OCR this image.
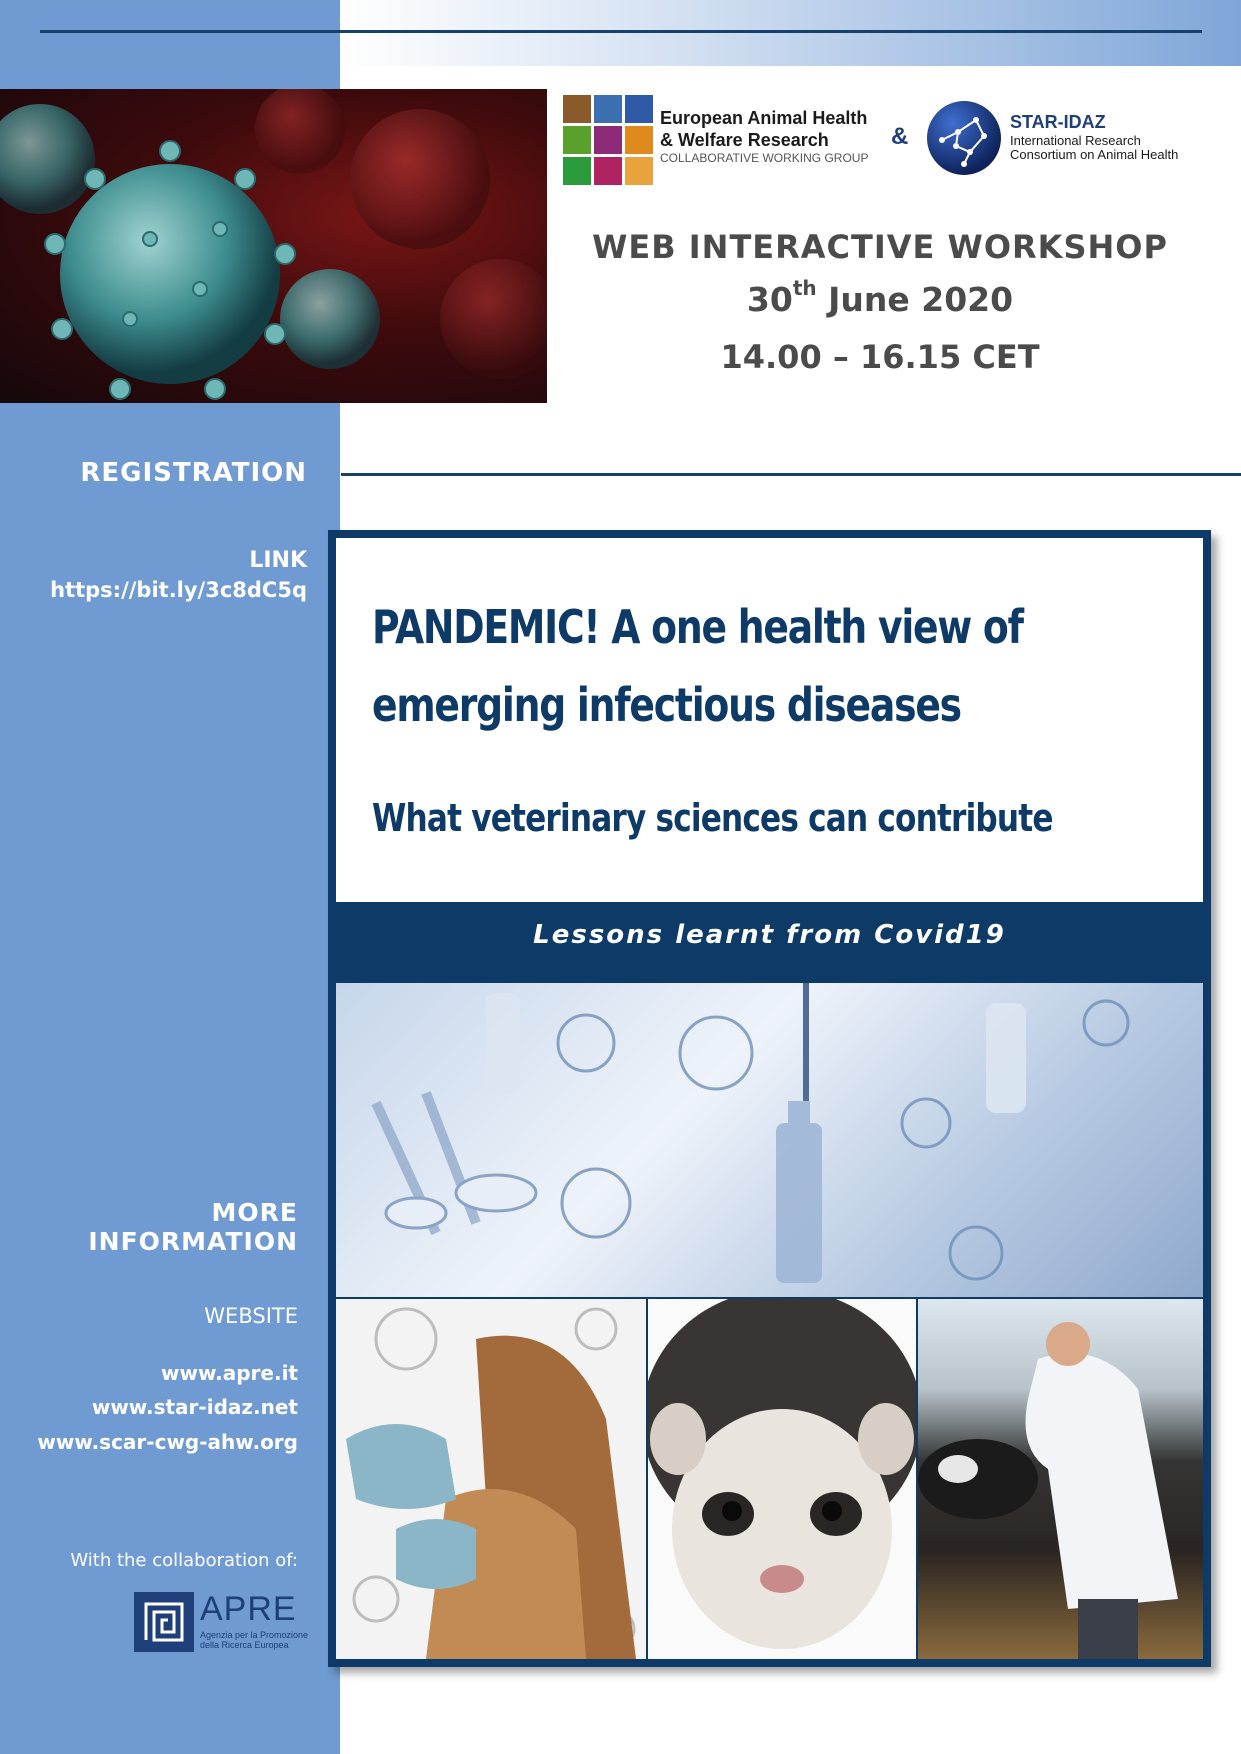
European Animal Health
& Welfare Research
COLLABORATIVE WORKING GROUP
&
STAR-IDAZ
International Research
Consortium on Animal Health
WEB INTERACTIVE WORKSHOP
30th June 2020
14.00 – 16.15 CET
REGISTRATION
LINK
https://bit.ly/3c8dC5q
MORE
INFORMATION
WEBSITE
www.apre.it
www.star-idaz.net
www.scar-cwg-ahw.org
With the collaboration of:
APRE
Agenzia per la Promozione
della Ricerca Europea
PANDEMIC! A one health view of
emerging infectious diseases
What veterinary sciences can contribute
Lessons learnt from Covid19
